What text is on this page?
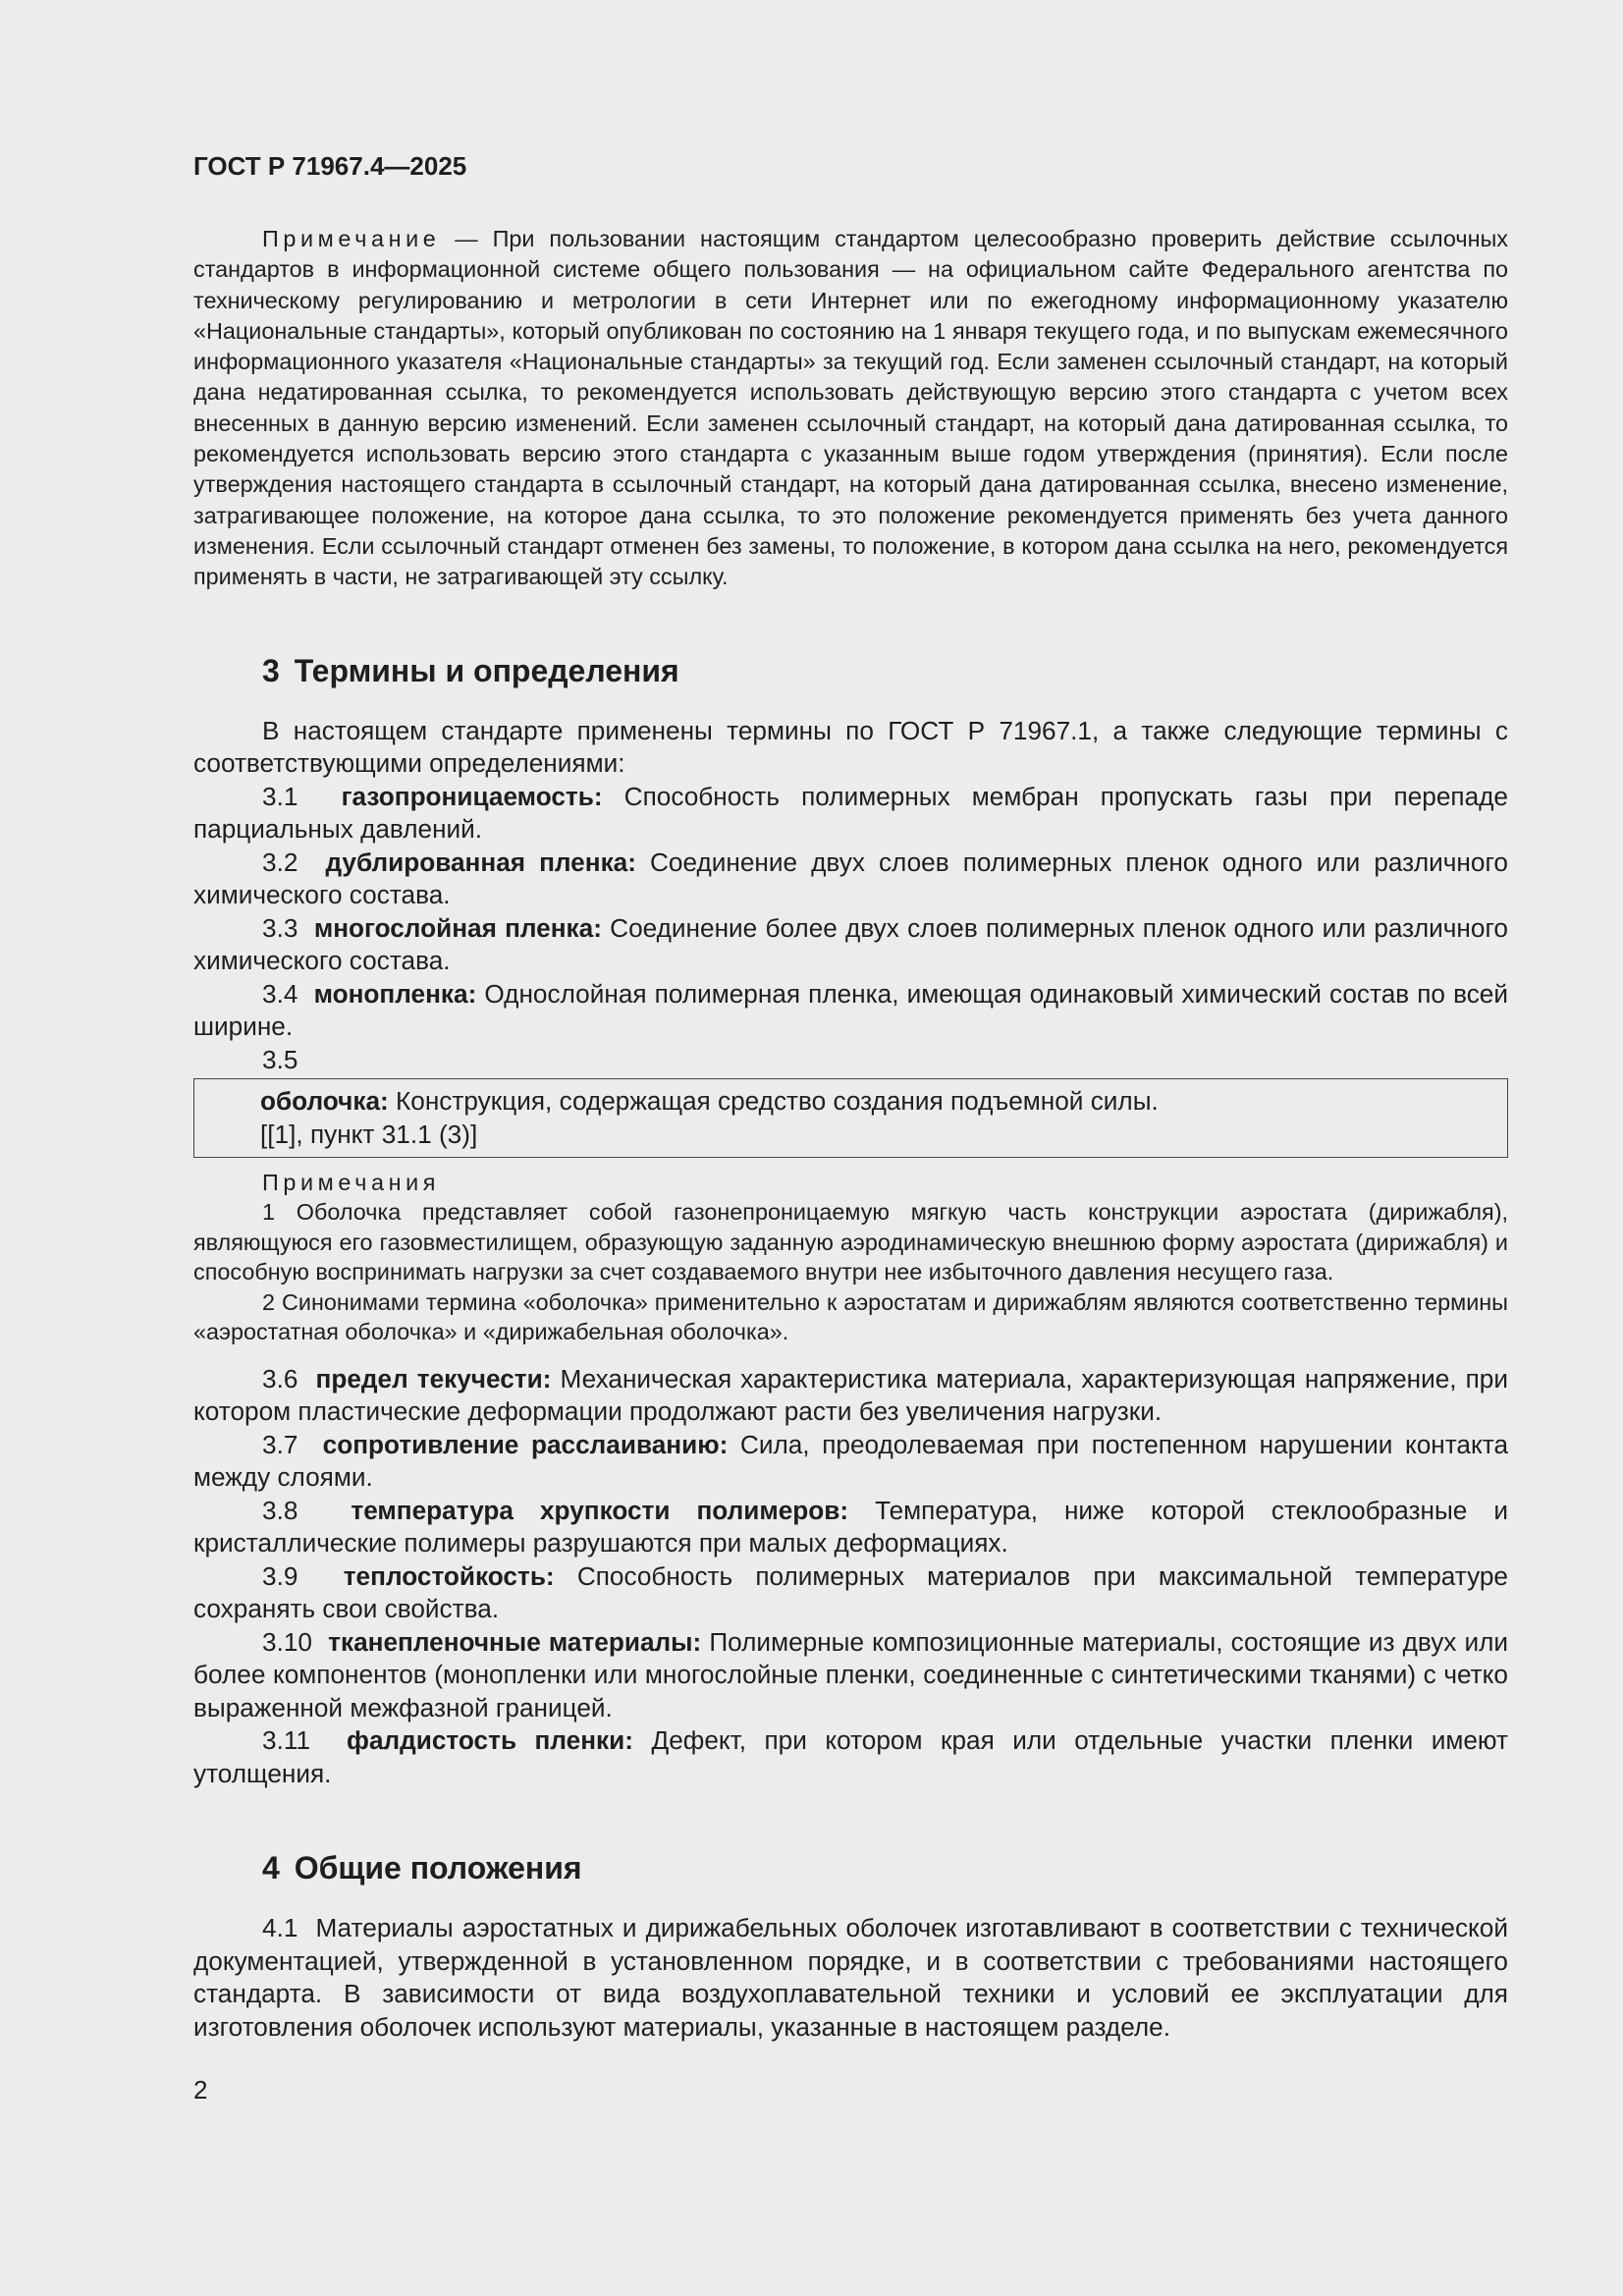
ГОСТ Р 71967.4—2025

Примечание — При пользовании настоящим стандартом целесообразно проверить действие ссылочных стандартов в информационной системе общего пользования — на официальном сайте Федерального агентства по техническому регулированию и метрологии в сети Интернет или по ежегодному информационному указателю «Национальные стандарты», который опубликован по состоянию на 1 января текущего года, и по выпускам ежемесячного информационного указателя «Национальные стандарты» за текущий год. Если заменен ссылочный стандарт, на который дана недатированная ссылка, то рекомендуется использовать действующую версию этого стандарта с учетом всех внесенных в данную версию изменений. Если заменен ссылочный стандарт, на который дана датированная ссылка, то рекомендуется использовать версию этого стандарта с указанным выше годом утверждения (принятия). Если после утверждения настоящего стандарта в ссылочный стандарт, на который дана датированная ссылка, внесено изменение, затрагивающее положение, на которое дана ссылка, то это положение рекомендуется применять без учета данного изменения. Если ссылочный стандарт отменен без замены, то положение, в котором дана ссылка на него, рекомендуется применять в части, не затрагивающей эту ссылку.

3 Термины и определения

В настоящем стандарте применены термины по ГОСТ Р 71967.1, а также следующие термины с соответствующими определениями:

3.1 газопроницаемость: Способность полимерных мембран пропускать газы при перепаде парциальных давлений.

3.2 дублированная пленка: Соединение двух слоев полимерных пленок одного или различного химического состава.

3.3 многослойная пленка: Соединение более двух слоев полимерных пленок одного или различного химического состава.

3.4 монопленка: Однослойная полимерная пленка, имеющая одинаковый химический состав по всей ширине.

3.5

оболочка: Конструкция, содержащая средство создания подъемной силы.

[[1], пункт 31.1 (3)]

Примечания

1 Оболочка представляет собой газонепроницаемую мягкую часть конструкции аэростата (дирижабля), являющуюся его газовместилищем, образующую заданную аэродинамическую внешнюю форму аэростата (дирижабля) и способную воспринимать нагрузки за счет создаваемого внутри нее избыточного давления несущего газа.

2 Синонимами термина «оболочка» применительно к аэростатам и дирижаблям являются соответственно термины «аэростатная оболочка» и «дирижабельная оболочка».

3.6 предел текучести: Механическая характеристика материала, характеризующая напряжение, при котором пластические деформации продолжают расти без увеличения нагрузки.

3.7 сопротивление расслаиванию: Сила, преодолеваемая при постепенном нарушении контакта между слоями.

3.8 температура хрупкости полимеров: Температура, ниже которой стеклообразные и кристаллические полимеры разрушаются при малых деформациях.

3.9 теплостойкость: Способность полимерных материалов при максимальной температуре сохранять свои свойства.

3.10 тканепленочные материалы: Полимерные композиционные материалы, состоящие из двух или более компонентов (монопленки или многослойные пленки, соединенные с синтетическими тканями) с четко выраженной межфазной границей.

3.11 фалдистость пленки: Дефект, при котором края или отдельные участки пленки имеют утолщения.

4 Общие положения

4.1 Материалы аэростатных и дирижабельных оболочек изготавливают в соответствии с технической документацией, утвержденной в установленном порядке, и в соответствии с требованиями настоящего стандарта. В зависимости от вида воздухоплавательной техники и условий ее эксплуатации для изготовления оболочек используют материалы, указанные в настоящем разделе.

2
